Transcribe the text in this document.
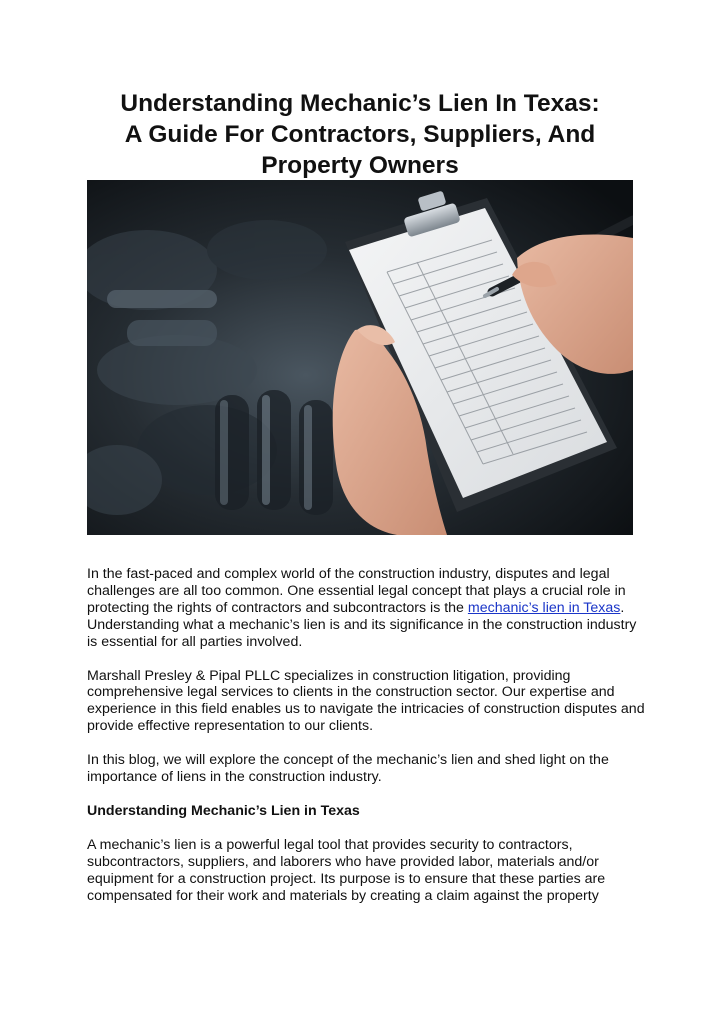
Understanding Mechanic’s Lien In Texas:
A Guide For Contractors, Suppliers, And
Property Owners

In the fast-paced and complex world of the construction industry, disputes and legal challenges are all too common. One essential legal concept that plays a crucial role in protecting the rights of contractors and subcontractors is the mechanic’s lien in Texas. Understanding what a mechanic’s lien is and its significance in the construction industry is essential for all parties involved.

Marshall Presley & Pipal PLLC specializes in construction litigation, providing comprehensive legal services to clients in the construction sector. Our expertise and experience in this field enables us to navigate the intricacies of construction disputes and provide effective representation to our clients.

In this blog, we will explore the concept of the mechanic’s lien and shed light on the importance of liens in the construction industry.

Understanding Mechanic’s Lien in Texas

A mechanic’s lien is a powerful legal tool that provides security to contractors, subcontractors, suppliers, and laborers who have provided labor, materials and/or equipment for a construction project. Its purpose is to ensure that these parties are compensated for their work and materials by creating a claim against the property
